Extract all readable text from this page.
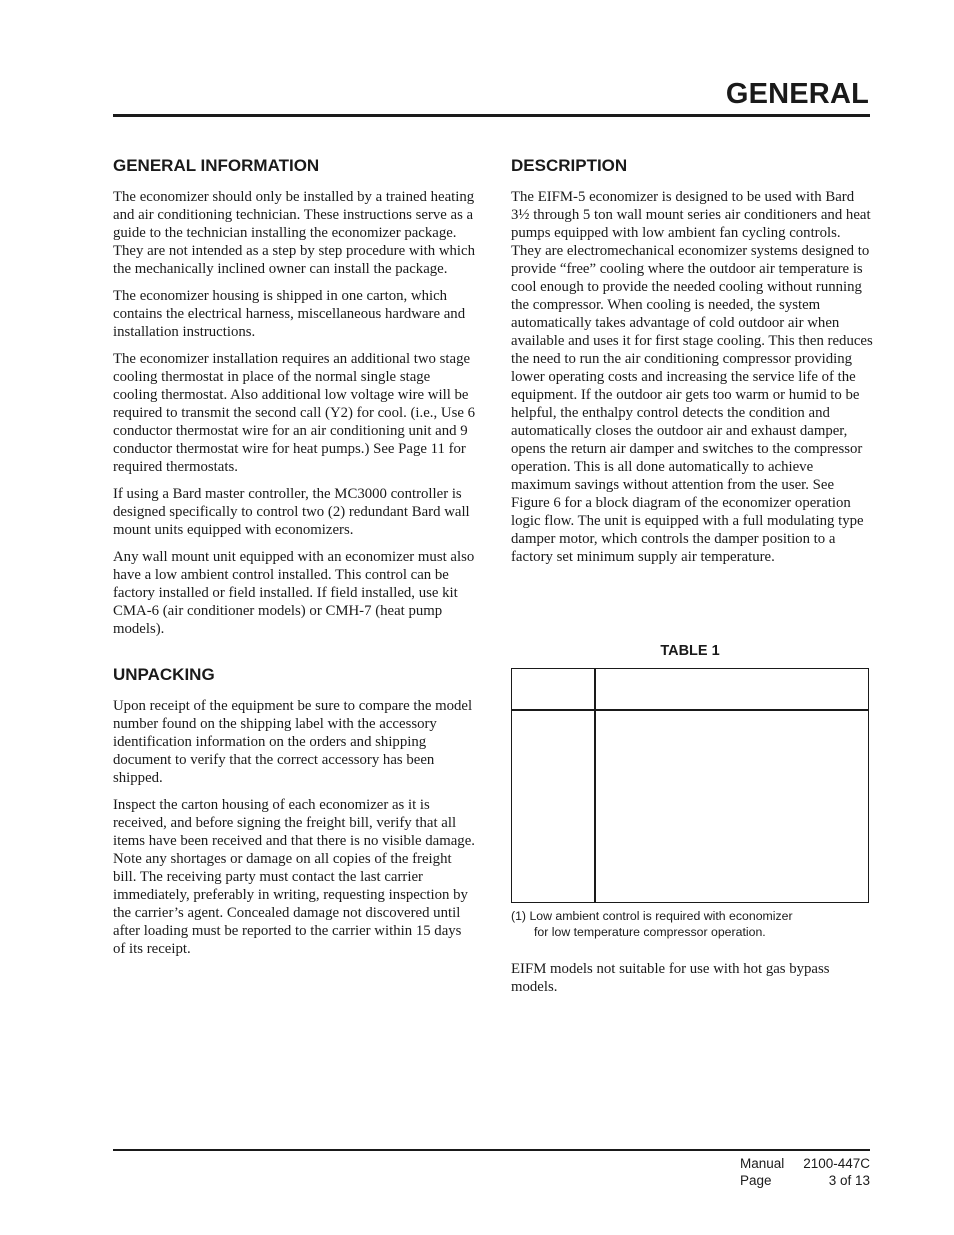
GENERAL
GENERAL INFORMATION

The economizer should only be installed by a trained heating and air conditioning technician. These instructions serve as a guide to the technician installing the economizer package. They are not intended as a step by step procedure with which the mechanically inclined owner can install the package.

The economizer housing is shipped in one carton, which contains the electrical harness, miscellaneous hardware and installation instructions.

The economizer installation requires an additional two stage cooling thermostat in place of the normal single stage cooling thermostat. Also additional low voltage wire will be required to transmit the second call (Y2) for cool. (i.e., Use 6 conductor thermostat wire for an air conditioning unit and 9 conductor thermostat wire for heat pumps.) See Page 11 for required thermostats.

If using a Bard master controller, the MC3000 controller is designed specifically to control two (2) redundant Bard wall mount units equipped with economizers.

Any wall mount unit equipped with an economizer must also have a low ambient control installed. This control can be factory installed or field installed. If field installed, use kit CMA-6 (air conditioner models) or CMH-7 (heat pump models).

UNPACKING

Upon receipt of the equipment be sure to compare the model number found on the shipping label with the accessory identification information on the orders and shipping document to verify that the correct accessory has been shipped.

Inspect the carton housing of each economizer as it is received, and before signing the freight bill, verify that all items have been received and that there is no visible damage. Note any shortages or damage on all copies of the freight bill. The receiving party must contact the last carrier immediately, preferably in writing, requesting inspection by the carrier’s agent. Concealed damage not discovered until after loading must be reported to the carrier within 15 days of its receipt.

DESCRIPTION

The EIFM-5 economizer is designed to be used with Bard 3½ through 5 ton wall mount series air conditioners and heat pumps equipped with low ambient fan cycling controls. They are electromechanical economizer systems designed to provide “free” cooling where the outdoor air temperature is cool enough to provide the needed cooling without running the compressor. When cooling is needed, the system automatically takes advantage of cold outdoor air when available and uses it for first stage cooling. This then reduces the need to run the air conditioning compressor providing lower operating costs and increasing the service life of the equipment. If the outdoor air gets too warm or humid to be helpful, the enthalpy control detects the condition and automatically closes the outdoor air and exhaust damper, opens the return air damper and switches to the compressor operation. This is all done automatically to achieve maximum savings without attention from the user. See Figure 6 for a block diagram of the economizer operation logic flow. The unit is equipped with a full modulating type damper motor, which controls the damper position to a factory set minimum supply air temperature.

TABLE 1
(1) Low ambient control is required with economizer
for low temperature compressor operation.
EIFM models not suitable for use with hot gas bypass models.
Manual 2100-447C
Page	3 of 13
